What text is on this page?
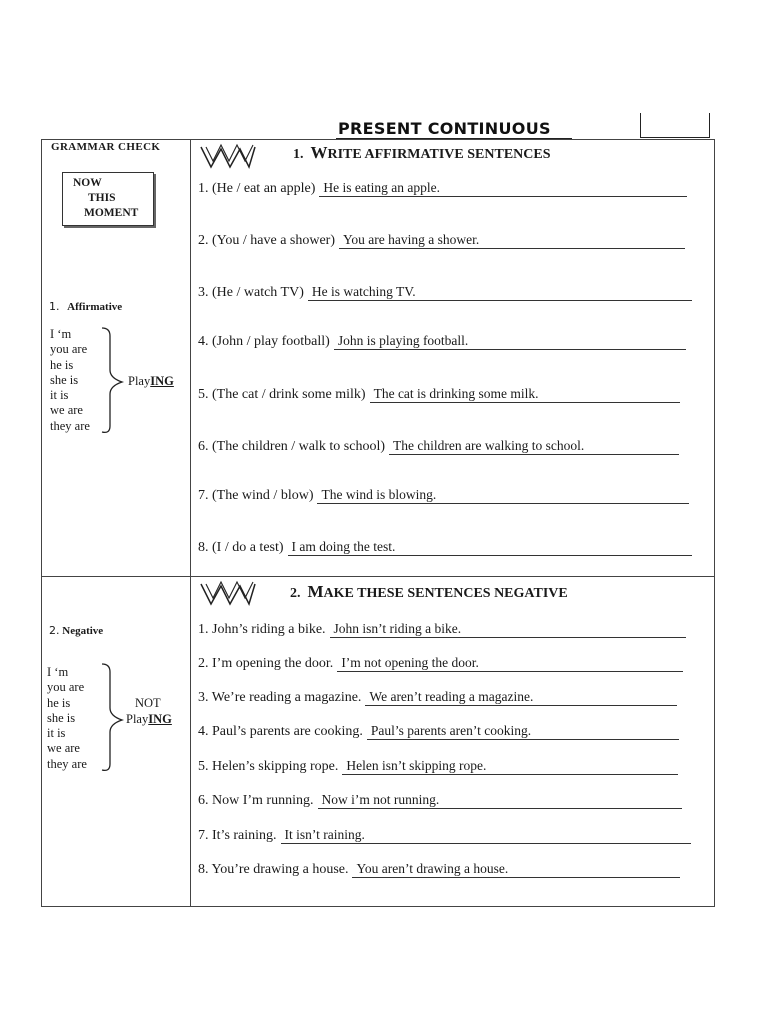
PRESENT CONTINUOUS
GRAMMAR CHECK
NOW
THIS
MOMENT
1. Affirmative
I ‘m
you are
he is
she is
it is
we are
they are
PlayING
2. Negative
I ‘m
you are
he is
she is
it is
we are
they are
NOT
PlayING
1. WRITE AFFIRMATIVE SENTENCES
1. (He / eat an apple) He is eating an apple.
2. (You / have a shower) You are having a shower.
3. (He / watch TV) He is watching TV.
4. (John / play football) John is playing football.
5. (The cat / drink some milk) The cat is drinking some milk.
6. (The children / walk to school) The children are walking to school.
7. (The wind / blow) The wind is blowing.
8. (I / do a test) I am doing the test.
2. MAKE THESE SENTENCES NEGATIVE
1. John’s riding a bike. John isn’t riding a bike.
2. I’m opening the door. I’m not opening the door.
3. We’re reading a magazine. We aren’t reading a magazine.
4. Paul’s parents are cooking. Paul’s parents aren’t cooking.
5. Helen’s skipping rope. Helen isn’t skipping rope.
6. Now I’m running. Now i’m not running.
7. It’s raining. It isn’t raining.
8. You’re drawing a house. You aren’t drawing a house.
